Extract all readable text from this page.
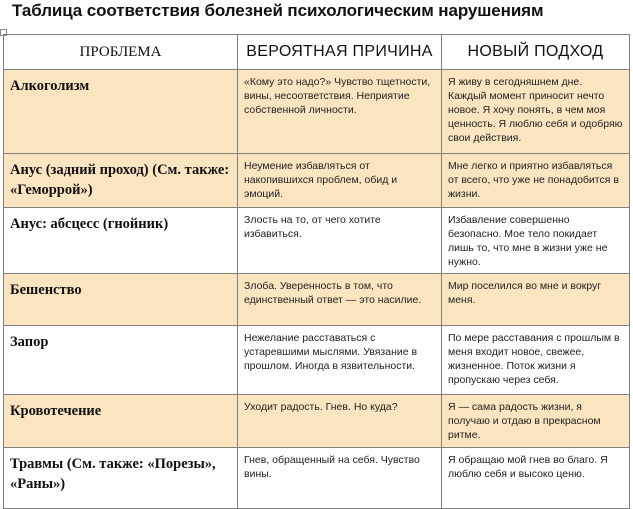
Таблица соответствия болезней психологическим нарушениям
ПРОБЛЕМА	ВЕРОЯТНАЯ ПРИЧИНА	НОВЫЙ ПОДХОД
Алкоголизм	«Кому это надо?» Чувство тщетности, вины, несоответствия. Неприятие собственной личности.	Я живу в сегодняшнем дне. Каждый момент приносит нечто новое. Я хочу понять, в чем моя ценность. Я люблю себя и одобряю свои действия.
Анус (задний проход) (См. также: «Геморрой»)	Неумение избавляться от накопившихся проблем, обид и эмоций.	Мне легко и приятно избавляться от всего, что уже не понадобится в жизни.
Анус: абсцесс (гнойник)	Злость на то, от чего хотите избавиться.	Избавление совершенно безопасно. Мое тело покидает лишь то, что мне в жизни уже не нужно.
Бешенство	Злоба. Уверенность в том, что единственный ответ — это насилие.	Мир поселился во мне и вокруг меня.
Запор	Нежелание расставаться с устаревшими мыслями. Увязание в прошлом. Иногда в язвительности.	По мере расставания с прошлым в меня входит новое, свежее, жизненное. Поток жизни я пропускаю через себя.
Кровотечение	Уходит радость. Гнев. Но куда?	Я — сама радость жизни, я получаю и отдаю в прекрасном ритме.
Травмы (См. также: «Порезы», «Раны»)	Гнев, обращенный на себя. Чувство вины.	Я обращаю мой гнев во благо. Я люблю себя и высоко ценю.
